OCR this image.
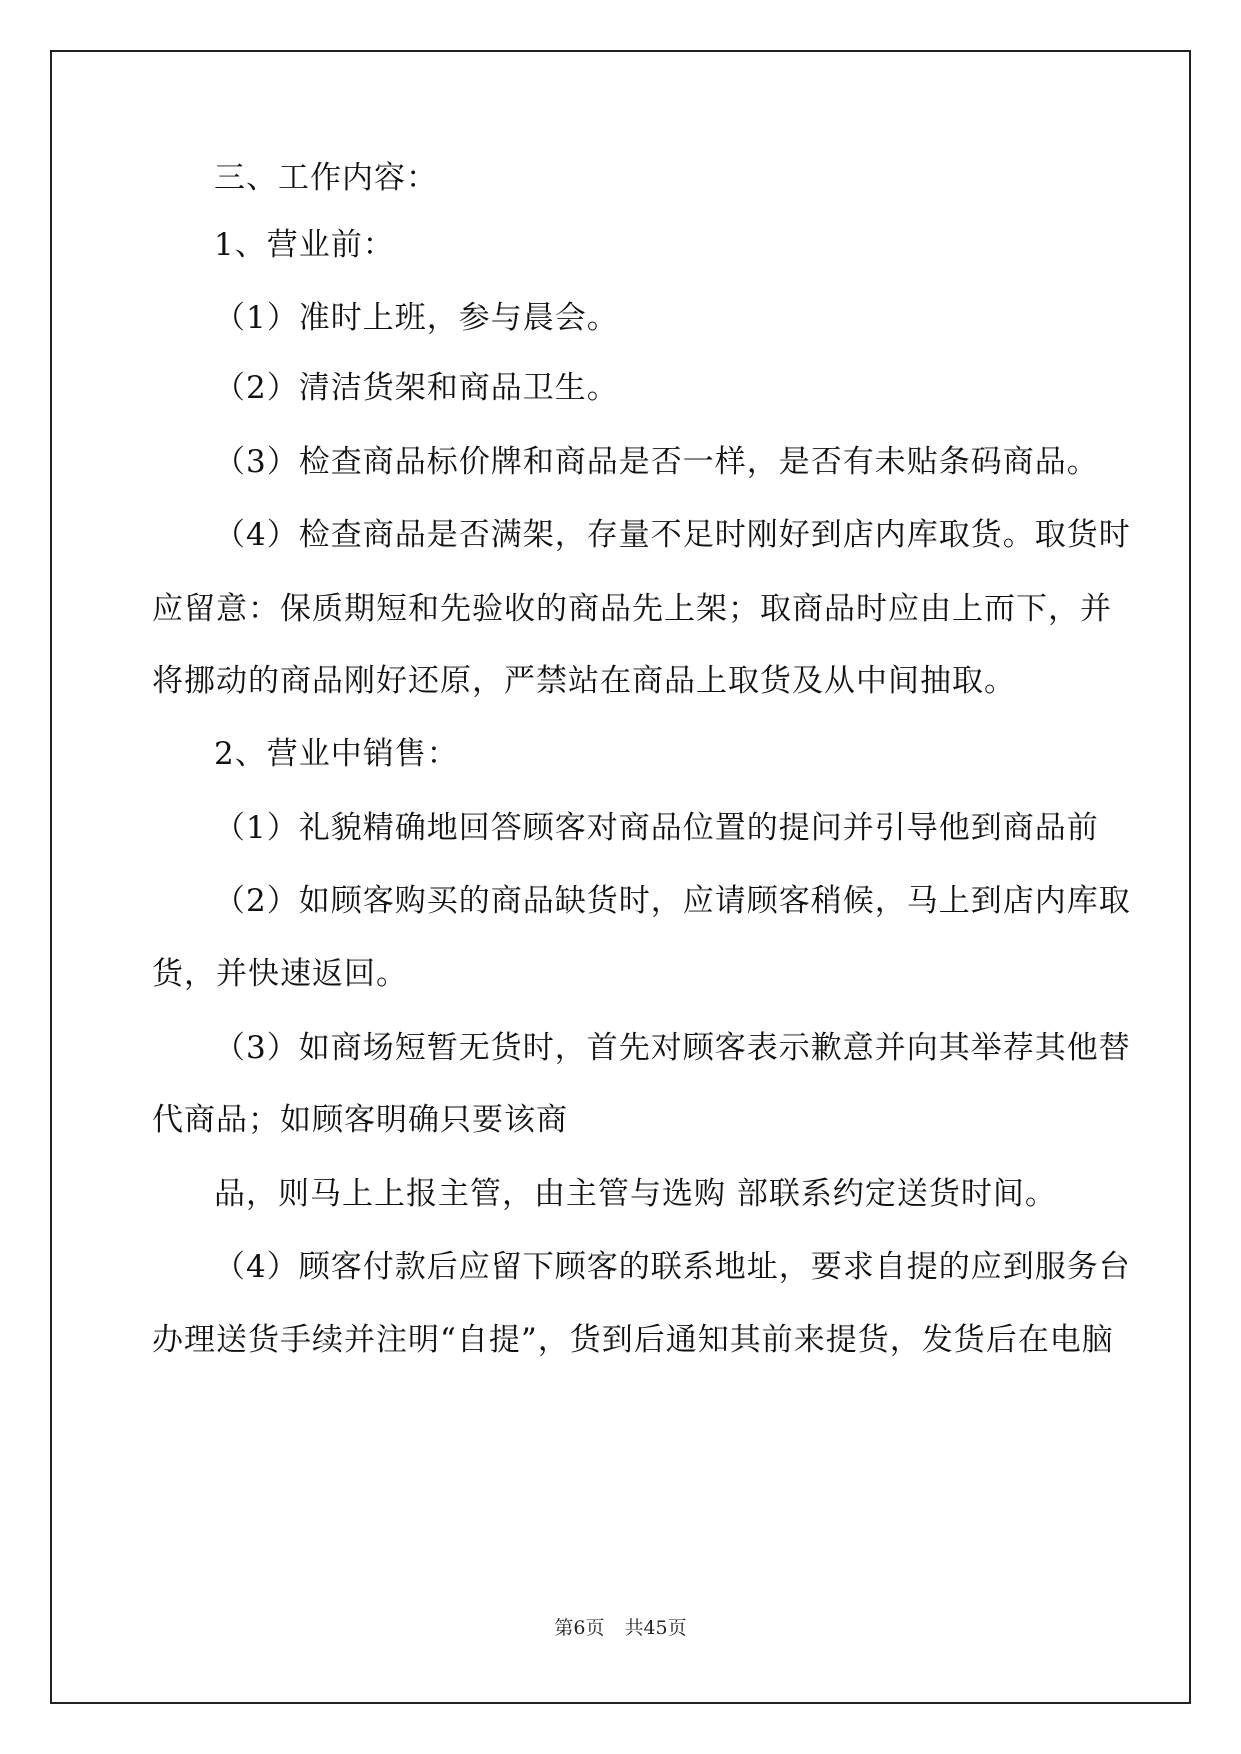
三、工作内容：
1、营业前：
（1）准时上班，参与晨会。
（2）清洁货架和商品卫生。
（3）检查商品标价牌和商品是否一样，是否有未贴条码商品。
（4）检查商品是否满架，存量不足时刚好到店内库取货。取货时
应留意：保质期短和先验收的商品先上架；取商品时应由上而下，并
将挪动的商品刚好还原，严禁站在商品上取货及从中间抽取。
2、营业中销售：
（1）礼貌精确地回答顾客对商品位置的提问并引导他到商品前
（2）如顾客购买的商品缺货时，应请顾客稍候，马上到店内库取
货，并快速返回。
（3）如商场短暂无货时，首先对顾客表示歉意并向其举荐其他替
代商品；如顾客明确只要该商
品，则马上上报主管，由主管与选购 部联系约定送货时间。
（4）顾客付款后应留下顾客的联系地址，要求自提的应到服务台
办理送货手续并注明“自提”，货到后通知其前来提货，发货后在电脑
第6页 共45页
